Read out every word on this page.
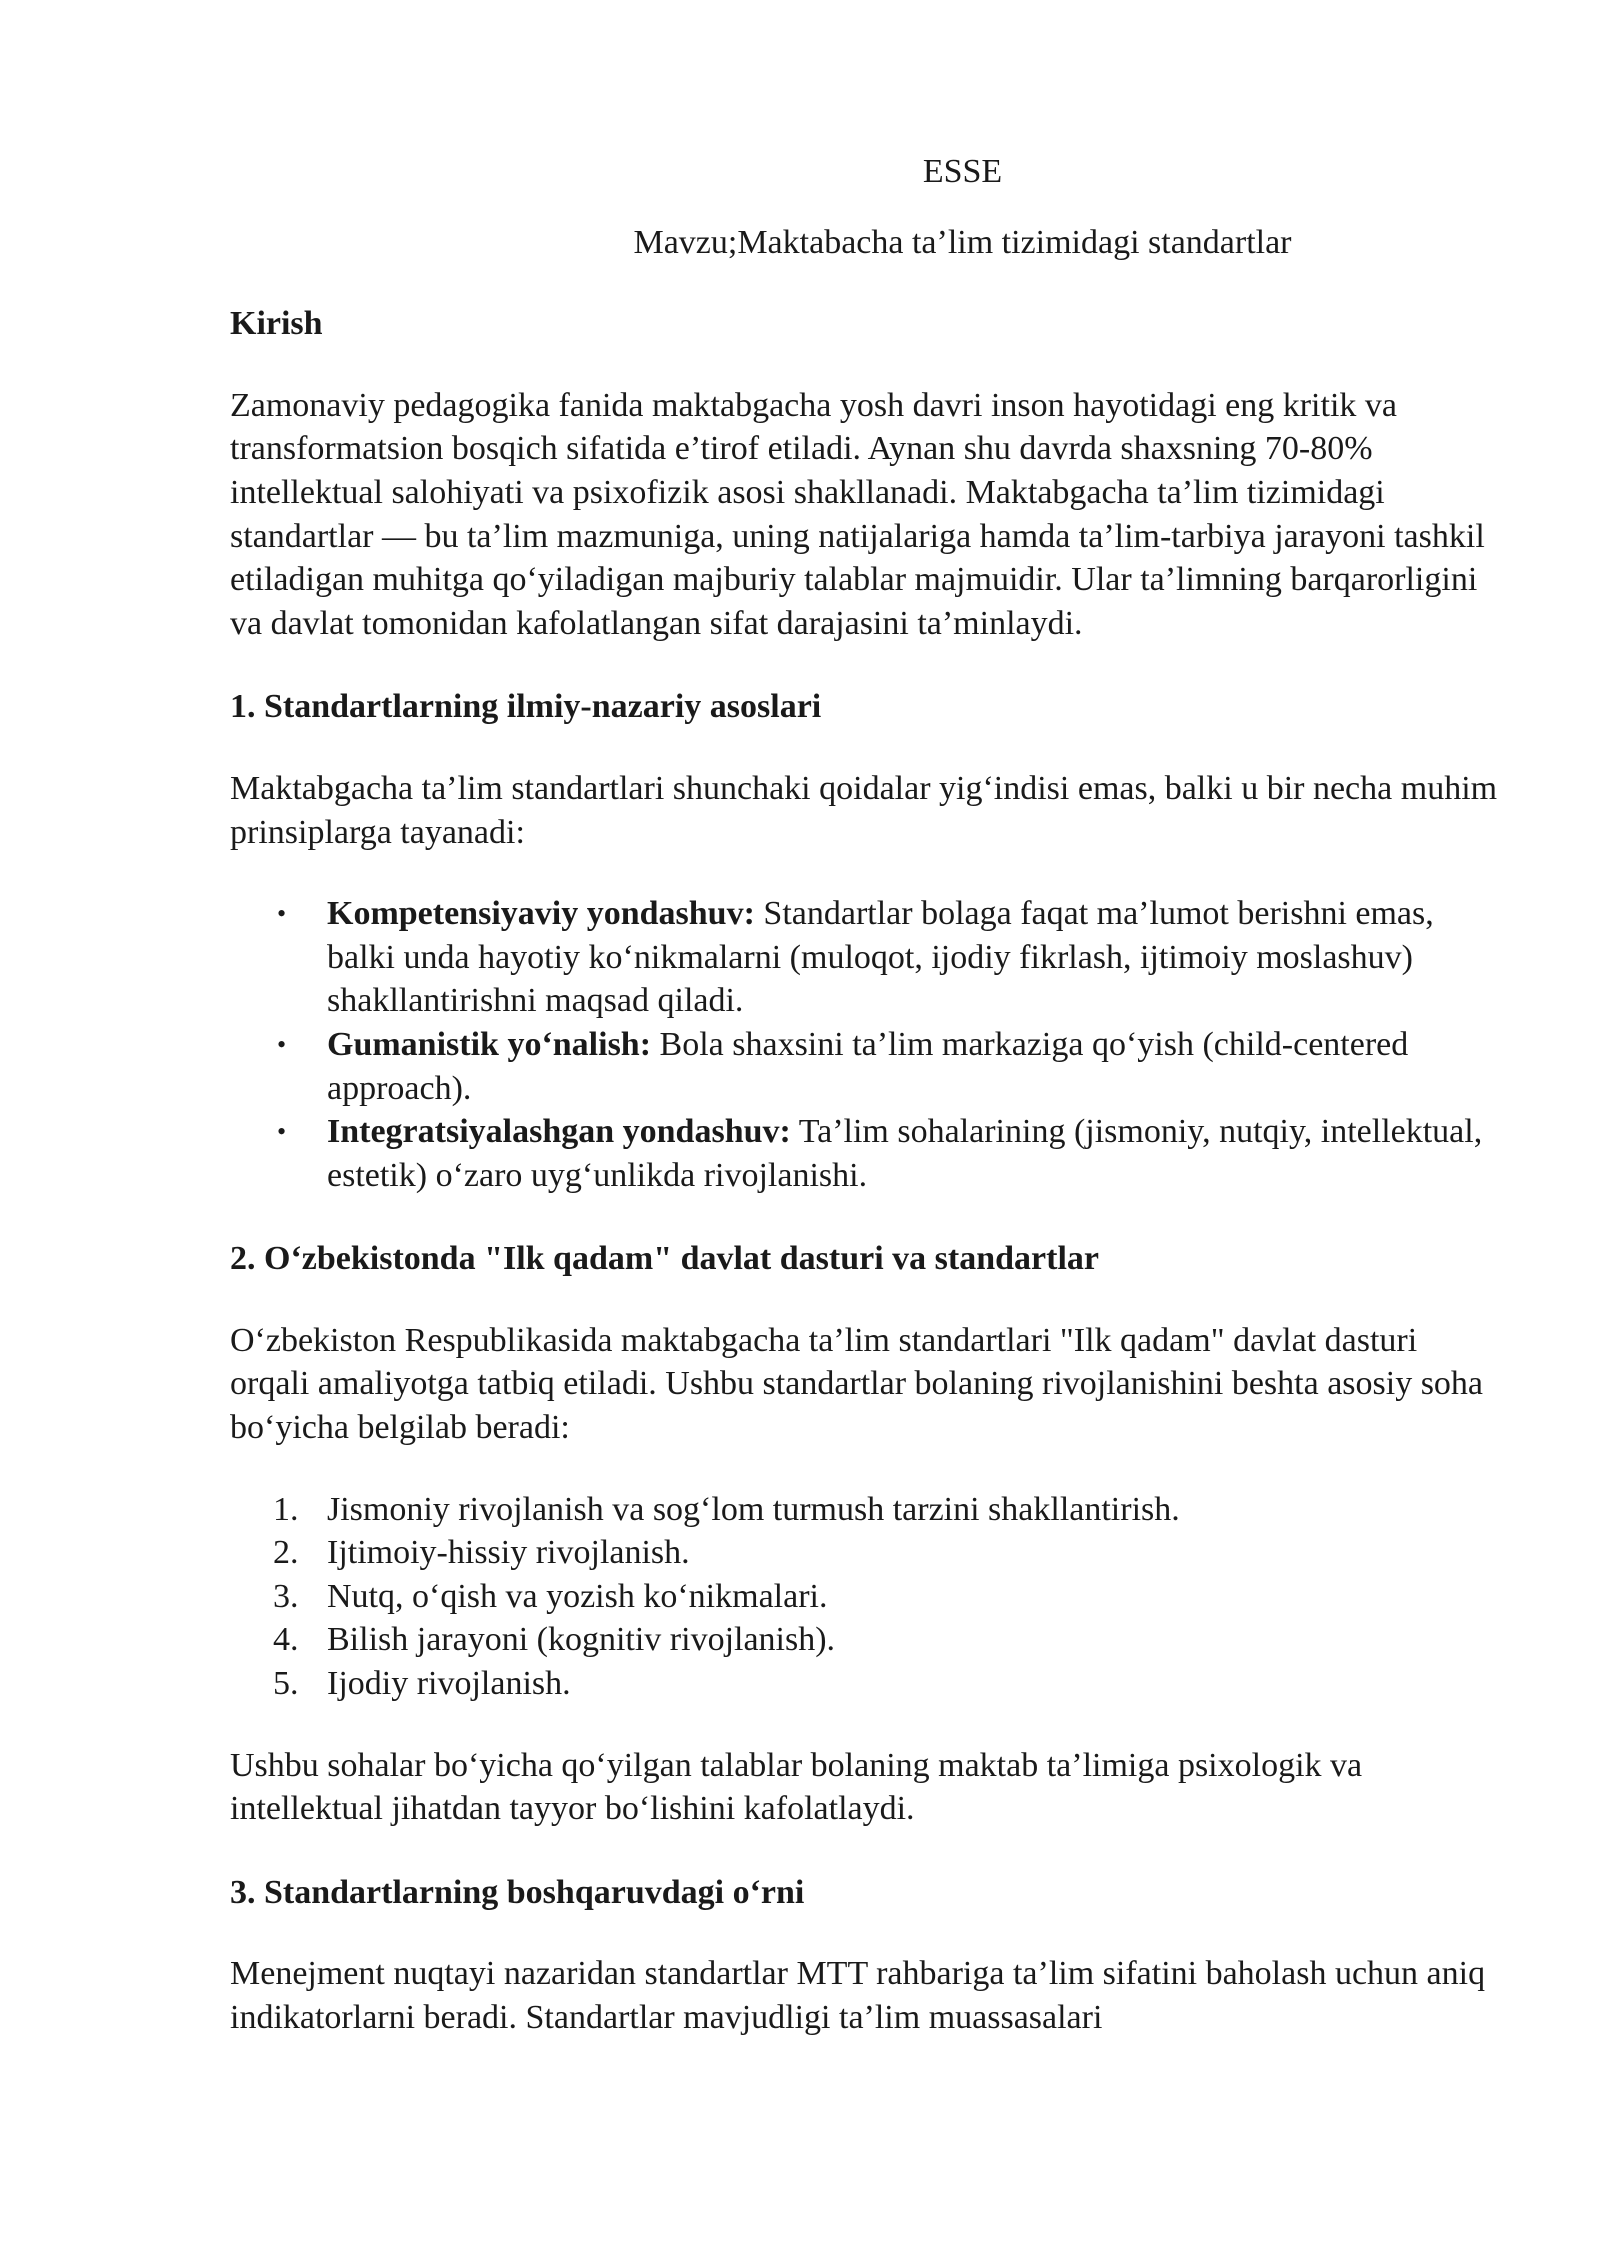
ESSE
Mavzu;Maktabacha ta’lim tizimidagi standartlar
Kirish

Zamonaviy pedagogika fanida maktabgacha yosh davri inson hayotidagi eng kritik va transformatsion bosqich sifatida e’tirof etiladi. Aynan shu davrda shaxsning 70-80% intellektual salohiyati va psixofizik asosi shakllanadi. Maktabgacha ta’lim tizimidagi standartlar — bu ta’lim mazmuniga, uning natijalariga hamda ta’lim-tarbiya jarayoni tashkil etiladigan muhitga qo‘yiladigan majburiy talablar majmuidir. Ular ta’limning barqarorligini va davlat tomonidan kafolatlangan sifat darajasini ta’minlaydi.

1. Standartlarning ilmiy-nazariy asoslari

Maktabgacha ta’lim standartlari shunchaki qoidalar yig‘indisi emas, balki u bir necha muhim prinsiplarga tayanadi:

• Kompetensiyaviy yondashuv: Standartlar bolaga faqat ma’lumot berishni emas, balki unda hayotiy ko‘nikmalarni (muloqot, ijodiy fikrlash, ijtimoiy moslashuv) shakllantirishni maqsad qiladi.
• Gumanistik yo‘nalish: Bola shaxsini ta’lim markaziga qo‘yish (child-centered approach).
• Integratsiyalashgan yondashuv: Ta’lim sohalarining (jismoniy, nutqiy, intellektual, estetik) o‘zaro uyg‘unlikda rivojlanishi.
2. O‘zbekistonda "Ilk qadam" davlat dasturi va standartlar

O‘zbekiston Respublikasida maktabgacha ta’lim standartlari "Ilk qadam" davlat dasturi orqali amaliyotga tatbiq etiladi. Ushbu standartlar bolaning rivojlanishini beshta asosiy soha bo‘yicha belgilab beradi:

1. Jismoniy rivojlanish va sog‘lom turmush tarzini shakllantirish.
2. Ijtimoiy-hissiy rivojlanish.
3. Nutq, o‘qish va yozish ko‘nikmalari.
4. Bilish jarayoni (kognitiv rivojlanish).
5. Ijodiy rivojlanish.

Ushbu sohalar bo‘yicha qo‘yilgan talablar bolaning maktab ta’limiga psixologik va intellektual jihatdan tayyor bo‘lishini kafolatlaydi.

3. Standartlarning boshqaruvdagi o‘rni

Menejment nuqtayi nazaridan standartlar MTT rahbariga ta’lim sifatini baholash uchun aniq indikatorlarni beradi. Standartlar mavjudligi ta’lim muassasalari
